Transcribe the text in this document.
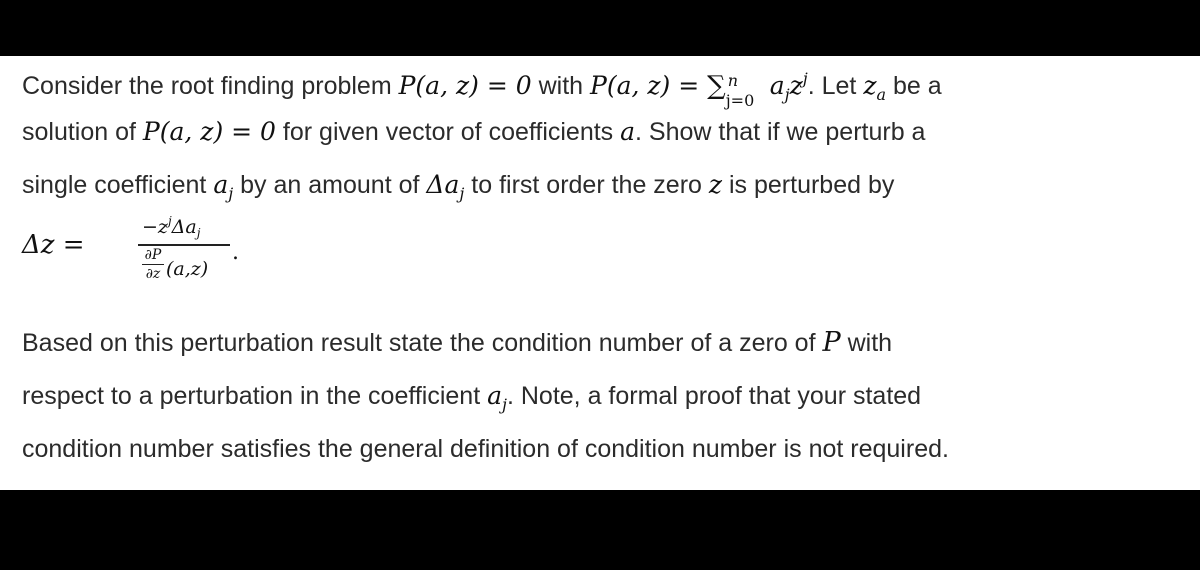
Consider the root finding problem P(a, z) = 0 with P(a, z) = ∑ n
j=0
$a_jz^j$. Let $z_a$ be a
solution of P(a, z) = 0 for given vector of coefficients a. Show that if we perturb a
single coefficient $a_j$ by an amount of $\Delta a_j$ to first order the zero z is perturbed by
Δz =
$-z^j\Delta a_j$
∂P
∂z (a,z)
.
Based on this perturbation result state the condition number of a zero of P with
respect to a perturbation in the coefficient $a_j$. Note, a formal proof that your stated
condition number satisfies the general definition of condition number is not required.
